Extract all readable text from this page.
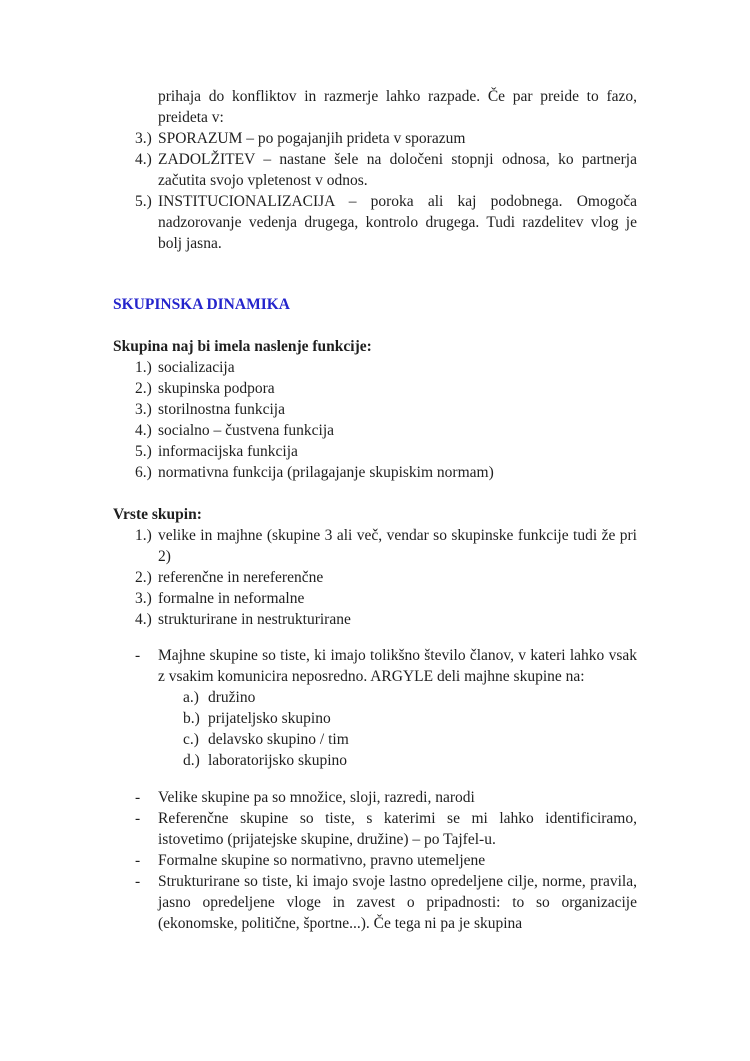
prihaja do konfliktov in razmerje lahko razpade. Če par preide to fazo, preideta v:
3.) SPORAZUM – po pogajanjih prideta v sporazum
4.) ZADOLŽITEV – nastane šele na določeni stopnji odnosa, ko partnerja začutita svojo vpletenost v odnos.
5.) INSTITUCIONALIZACIJA – poroka ali kaj podobnega. Omogoča nadzorovanje vedenja drugega, kontrolo drugega. Tudi razdelitev vlog je bolj jasna.
SKUPINSKA DINAMIKA

Skupina naj bi imela naslenje funkcije:

1.) socializacija
2.) skupinska podpora
3.) storilnostna funkcija
4.) socialno – čustvena funkcija
5.) informacijska funkcija
6.) normativna funkcija (prilagajanje skupiskim normam)

Vrste skupin:

1.) velike in majhne (skupine 3 ali več, vendar so skupinske funkcije tudi že pri 2)
2.) referenčne in nereferenčne
3.) formalne in neformalne
4.) strukturirane in nestrukturirane
-	Majhne skupine so tiste, ki imajo tolikšno število članov, v kateri lahko vsak z vsakim komunicira neposredno. ARGYLE deli majhne skupine na:
a.) družino
b.) prijateljsko skupino
c.) delavsko skupino / tim
d.) laboratorijsko skupino
-	Velike skupine pa so množice, sloji, razredi, narodi
-	Referenčne skupine so tiste, s katerimi se mi lahko identificiramo, istovetimo (prijatejske skupine, družine) – po Tajfel-u.
-	Formalne skupine so normativno, pravno utemeljene
-	Strukturirane so tiste, ki imajo svoje lastno opredeljene cilje, norme, pravila, jasno opredeljene vloge in zavest o pripadnosti: to so organizacije (ekonomske, politične, športne...). Če tega ni pa je skupina
